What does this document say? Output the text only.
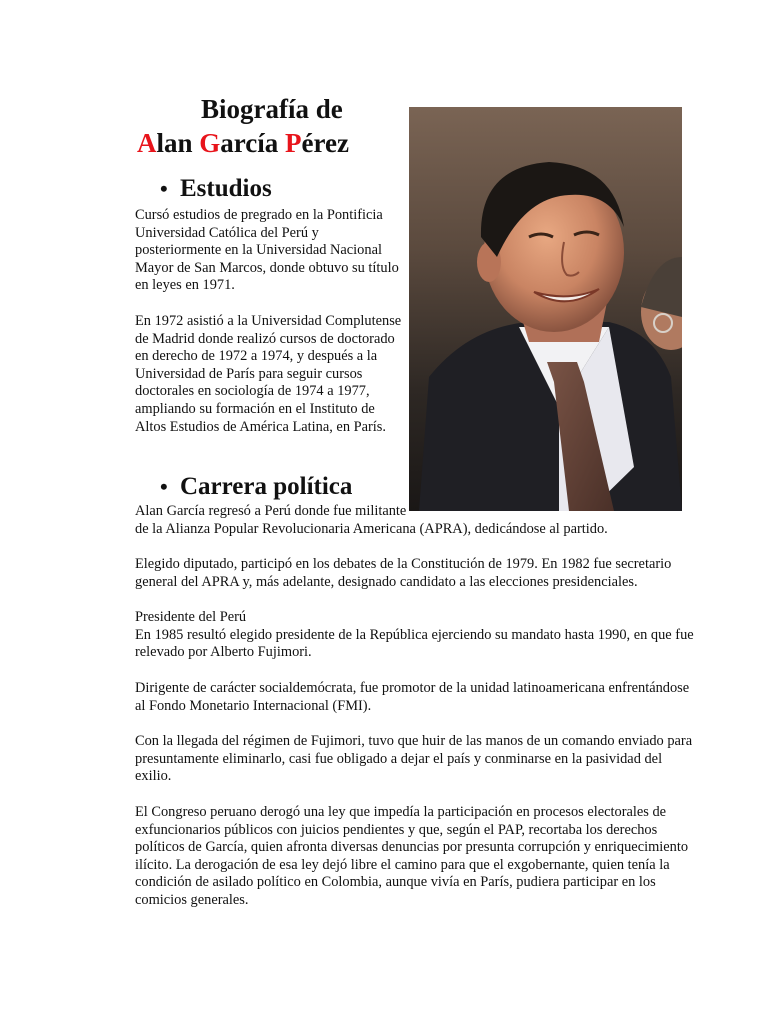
Biografía de
Alan García Pérez
• Estudios

Cursó estudios de pregrado en la Pontificia

Universidad Católica del Perú y

posteriormente en la Universidad Nacional

Mayor de San Marcos, donde obtuvo su título

en leyes en 1971.

En 1972 asistió a la Universidad Complutense

de Madrid donde realizó cursos de doctorado

en derecho de 1972 a 1974, y después a la

Universidad de París para seguir cursos

doctorales en sociología de 1974 a 1977,

ampliando su formación en el Instituto de

Altos Estudios de América Latina, en París.

• Carrera política

Alan García regresó a Perú donde fue militante

de la Alianza Popular Revolucionaria Americana (APRA), dedicándose al partido.

Elegido diputado, participó en los debates de la Constitución de 1979. En 1982 fue secretario

general del APRA y, más adelante, designado candidato a las elecciones presidenciales.

Presidente del Perú

En 1985 resultó elegido presidente de la República ejerciendo su mandato hasta 1990, en que fue

relevado por Alberto Fujimori.

Dirigente de carácter socialdemócrata, fue promotor de la unidad latinoamericana enfrentándose

al Fondo Monetario Internacional (FMI).

Con la llegada del régimen de Fujimori, tuvo que huir de las manos de un comando enviado para

presuntamente eliminarlo, casi fue obligado a dejar el país y conminarse en la pasividad del

exilio.

El Congreso peruano derogó una ley que impedía la participación en procesos electorales de

exfuncionarios públicos con juicios pendientes y que, según el PAP, recortaba los derechos

políticos de García, quien afronta diversas denuncias por presunta corrupción y enriquecimiento

ilícito. La derogación de esa ley dejó libre el camino para que el exgobernante, quien tenía la

condición de asilado político en Colombia, aunque vivía en París, pudiera participar en los

comicios generales.
